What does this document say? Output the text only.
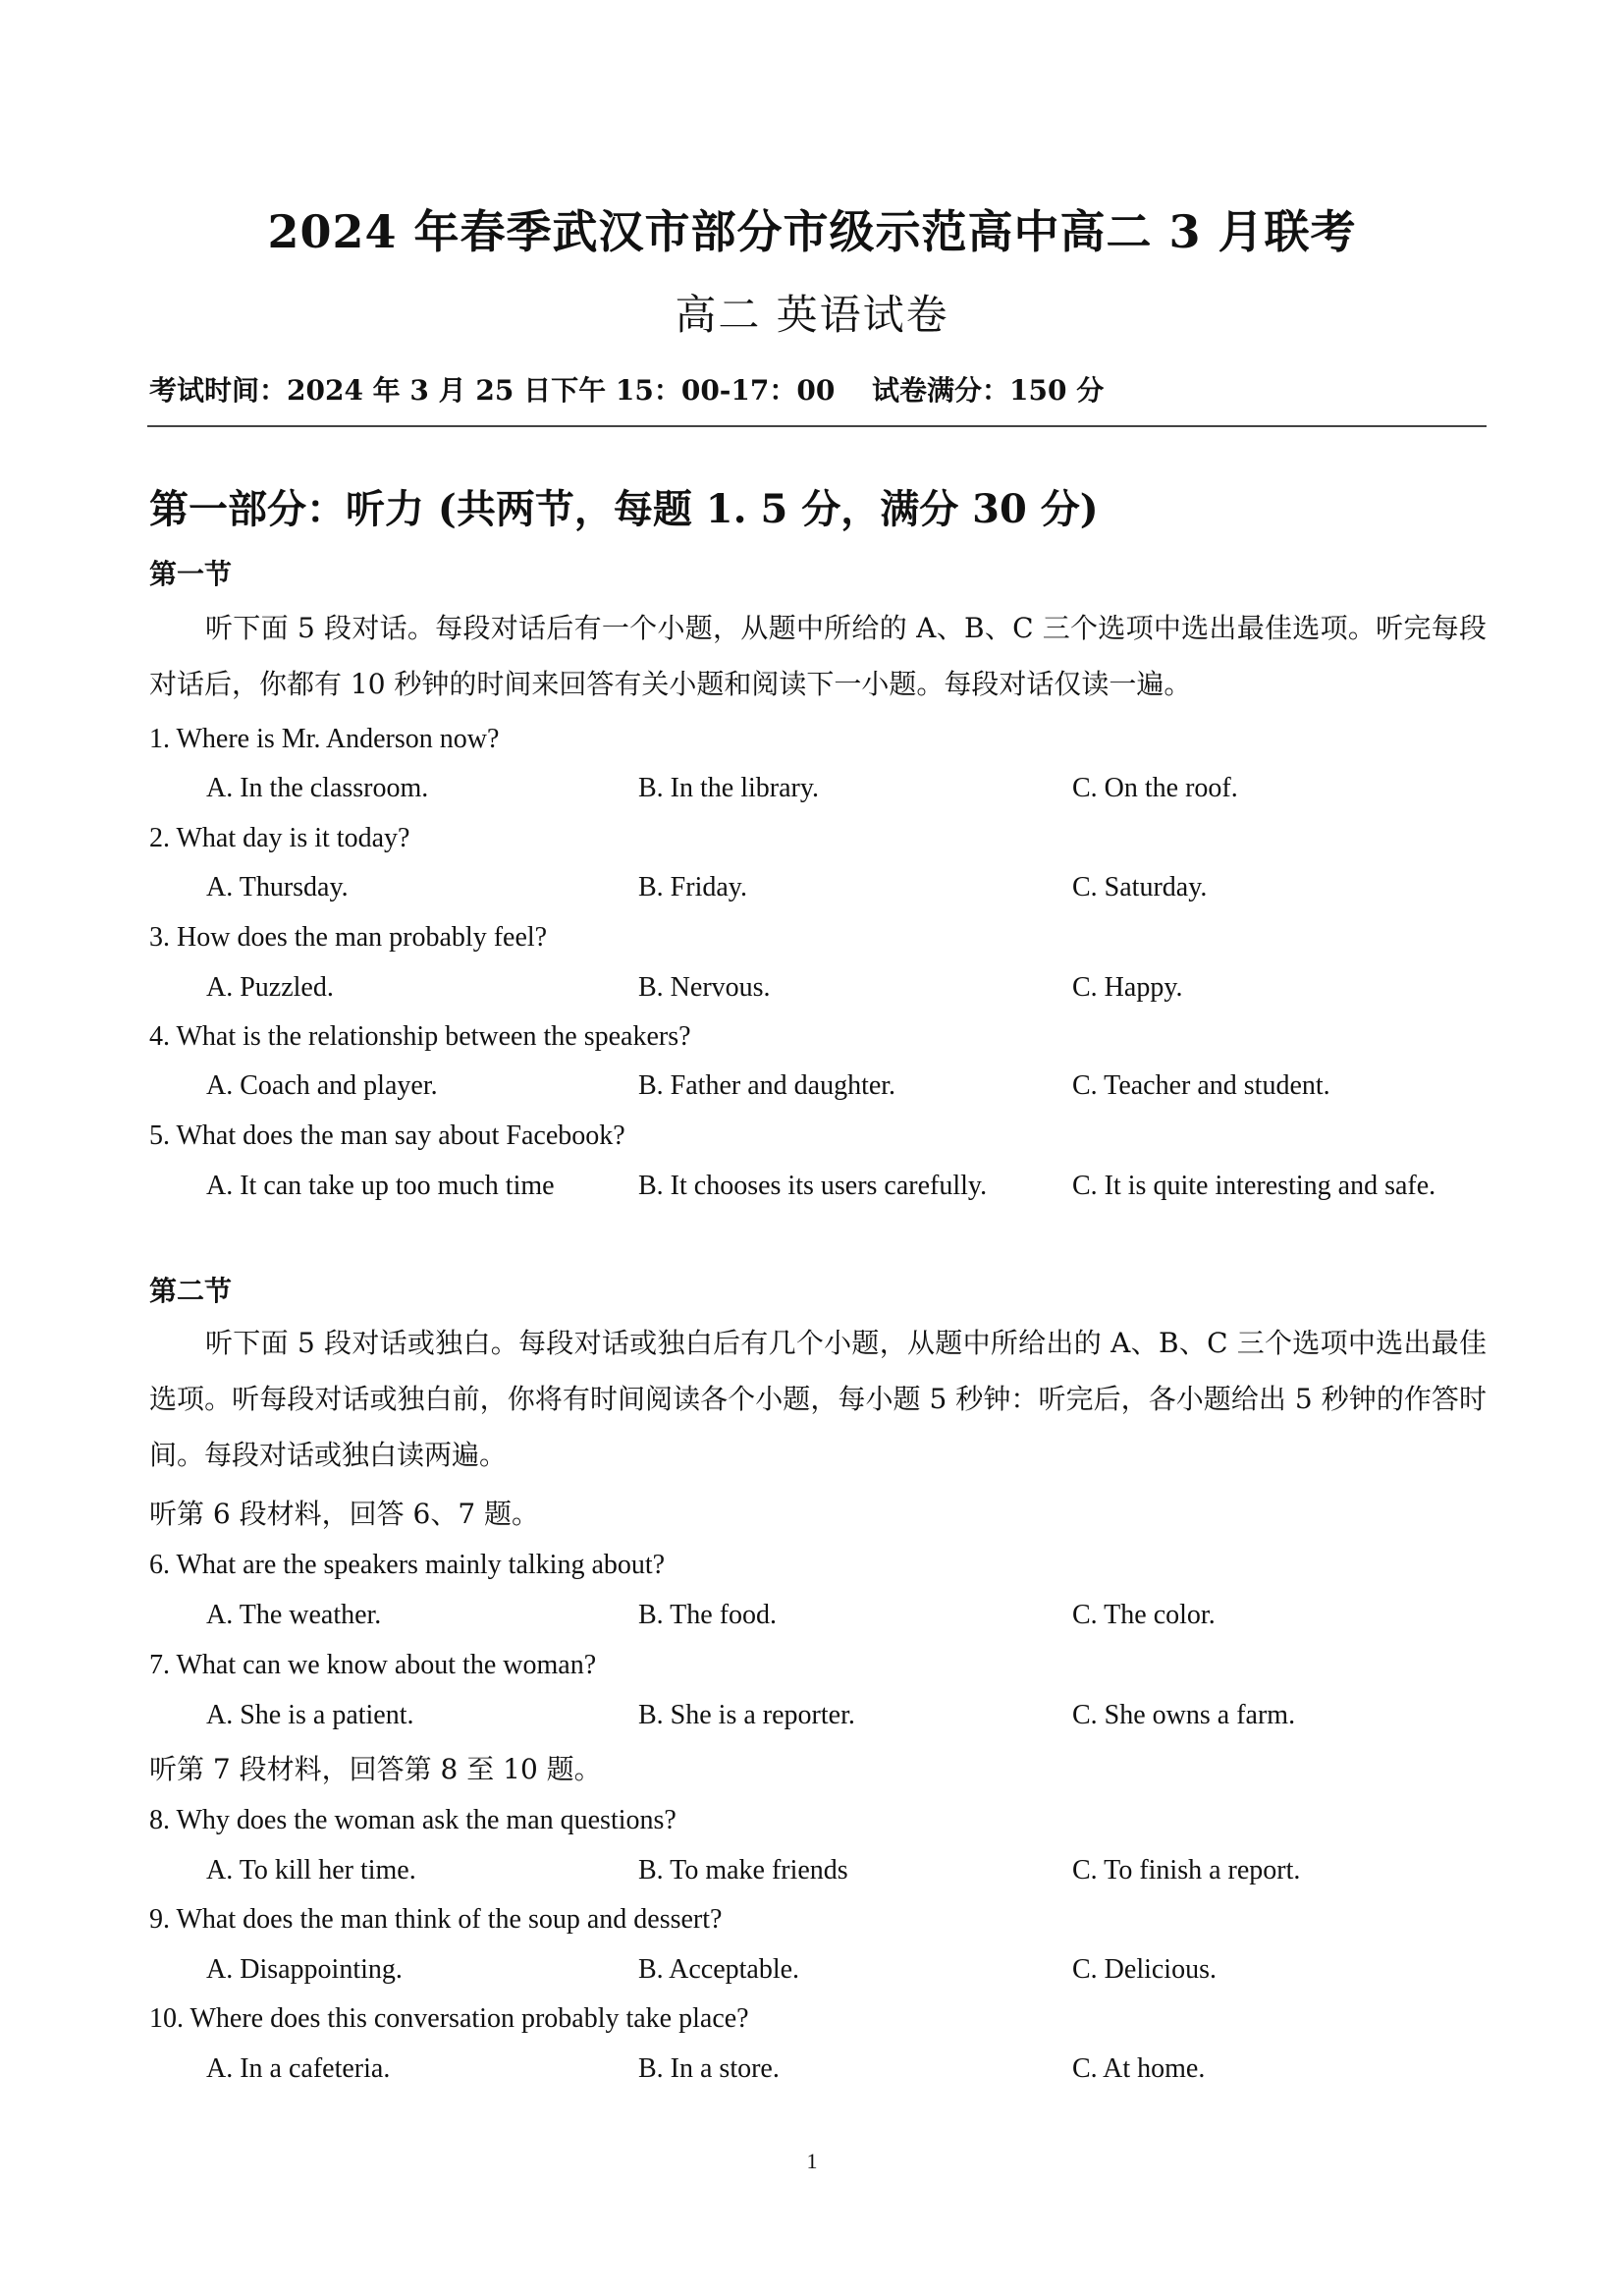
2024 年春季武汉市部分市级示范高中高二 3 月联考
高二 英语试卷
考试时间：2024 年 3 月 25 日下午 15：00-17：00 试卷满分：150 分
第一部分：听力 (共两节，每题 1. 5 分，满分 30 分)
第一节
听下面 5 段对话。每段对话后有一个小题，从题中所给的 A、B、C 三个选项中选出最佳选项。听完每段对话后，你都有 10 秒钟的时间来回答有关小题和阅读下一小题。每段对话仅读一遍。
1. Where is Mr. Anderson now?
A. In the classroom.	B. In the library.	C. On the roof.
2. What day is it today?
A. Thursday.	B. Friday.	C. Saturday.
3. How does the man probably feel?
A. Puzzled.	B. Nervous.	C. Happy.
4. What is the relationship between the speakers?
A. Coach and player.	B. Father and daughter.	C. Teacher and student.
5. What does the man say about Facebook?
A. It can take up too much time	B. It chooses its users carefully.	C. It is quite interesting and safe.
第二节
听下面 5 段对话或独白。每段对话或独白后有几个小题，从题中所给出的 A、B、C 三个选项中选出最佳选项。听每段对话或独白前，你将有时间阅读各个小题，每小题 5 秒钟：听完后，各小题给出 5 秒钟的作答时间。每段对话或独白读两遍。
听第 6 段材料，回答 6、7 题。
6. What are the speakers mainly talking about?
A. The weather.	B. The food.	C. The color.
7. What can we know about the woman?
A. She is a patient.	B. She is a reporter.	C. She owns a farm.
听第 7 段材料，回答第 8 至 10 题。
8. Why does the woman ask the man questions?
A. To kill her time.	B. To make friends	C. To finish a report.
9. What does the man think of the soup and dessert?
A. Disappointing.	B. Acceptable.	C. Delicious.
10. Where does this conversation probably take place?
A. In a cafeteria.	B. In a store.	C. At home.
1
